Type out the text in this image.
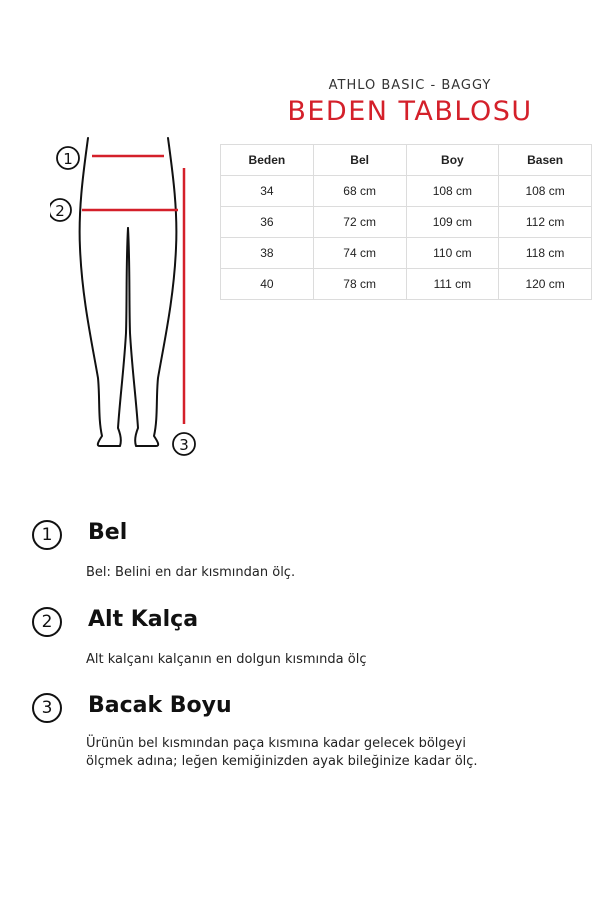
ATHLO BASIC - BAGGY
BEDEN TABLOSU
1
2
3
Beden	Bel	Boy	Basen
34	68 cm	108 cm	108 cm
36	72 cm	109 cm	112 cm
38	74 cm	110 cm	118 cm
40	78 cm	111 cm	120 cm
1	Bel
Bel: Belini en dar kısmından ölç.
2	Alt Kalça
Alt kalçanı kalçanın en dolgun kısmında ölç
3	Bacak Boyu
Ürünün bel kısmından paça kısmına kadar gelecek bölgeyi
ölçmek adına; leğen kemiğinizden ayak bileğinize kadar ölç.
